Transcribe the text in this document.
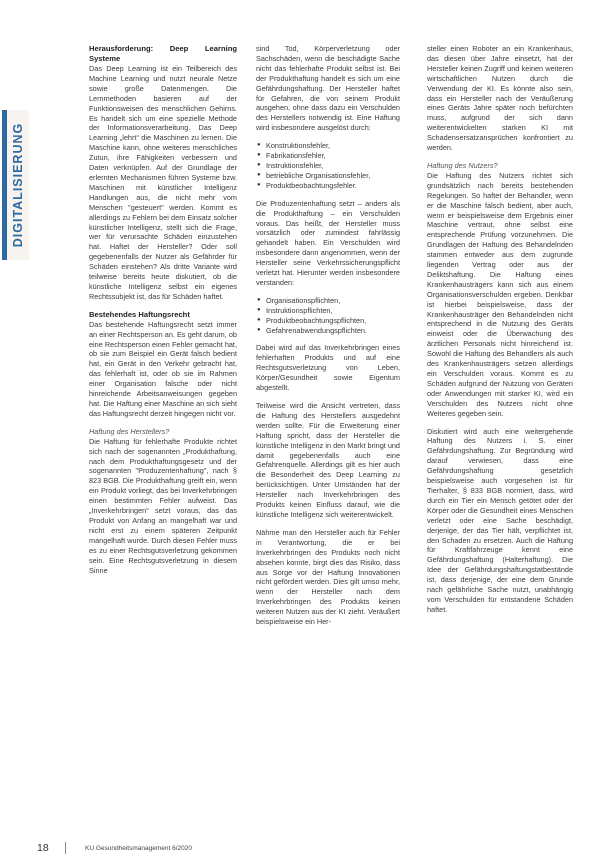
DIGITALISIERUNG
Herausforderung: Deep Learning Systeme

Das Deep Learning ist ein Teilbereich des Machine Learning und nutzt neurale Netze sowie große Datenmengen. Die Lernmethoden basieren auf der Funktionsweisen des menschlichen Gehirns. Es handelt sich um eine spezielle Methode der Informationsverarbeitung. Das Deep Learning „lehrt“ die Maschinen zu lernen. Die Maschine kann, ohne weiteres menschliches Zutun, ihre Fähigkeiten verbessern und Daten verknüpfen. Auf der Grundlage der erlernten Mechanismen führen Systeme bzw. Maschinen mit künstlicher Intelligenz Handlungen aus, die nicht mehr vom Menschen "gesteuert" werden. Kommt es allerdings zu Fehlern bei dem Einsatz solcher künstlicher Intelligenz, stellt sich die Frage, wer für verursachte Schäden einzustehen hat. Haftet der Hersteller? Oder soll gegebenenfalls der Nutzer als Gefährder für Schäden einstehen? Als dritte Variante wird teilweise bereits heute diskutiert, ob die künstliche Intelligenz selbst ein eigenes Rechtssubjekt ist, das für Schäden haftet.

Bestehendes Haftungsrecht

Das bestehende Haftungsrecht setzt immer an einer Rechtsperson an. Es geht darum, ob eine Rechtsperson einen Fehler gemacht hat, ob sie zum Beispiel ein Gerät falsch bedient hat, ein Gerät in den Verkehr gebracht hat, das fehlerhaft ist, oder ob sie im Rahmen einer Organisation falsche oder nicht hinreichende Arbeitsanweisungen gegeben hat. Die Haftung einer Maschine an sich sieht das Haftungsrecht derzeit hingegen nicht vor.

Haftung des Herstellers?

Die Haftung für fehlerhafte Produkte richtet sich nach der sogenannten „Produkthaftung, nach dem Produkthaftungsgesetz und der sogenannten "Produzentenhaftung", nach § 823 BGB. Die Produkthaftung greift ein, wenn ein Produkt vorliegt, das bei Inverkehrbringen einen bestimmten Fehler aufweist. Das „Inverkehrbringen“ setzt voraus, das das Produkt von Anfang an mangelhaft war und nicht erst zu einem späteren Zeitpunkt mangelhaft wurde. Durch diesen Fehler muss es zu einer Rechtsgutsverletzung gekommen sein. Eine Rechtsgutsverletzung in diesem Sinne

sind Tod, Körperverletzung oder Sachschäden, wenn die beschädigte Sache nicht das fehlerhafte Produkt selbst ist. Bei der Produkthaftung handelt es sich um eine Gefährdungshaftung. Der Hersteller haftet für Gefahren, die von seinem Produkt ausgehen, ohne dass dazu ein Verschulden des Herstellers notwendig ist. Eine Haftung wird insbesondere ausgelöst durch:

● Konstruktionsfehler,
● Fabrikationsfehler,
● Instruktionsfehler,
● betriebliche Organisationsfehler,
● Produktbeobachtungsfehler.

Die Produzentenhaftung setzt – anders als die Produkthaftung – ein Verschulden voraus. Das heißt, der Hersteller muss vorsätzlich oder zumindest fahrlässig gehandelt haben. Ein Verschulden wird insbesondere dann angenommen, wenn der Hersteller seine Verkehrssicherungspflicht verletzt hat. Hierunter werden insbesondere verstanden:

● Organisationspflichten,
● Instruktionspflichten,
● Produktbeobachtungspflichten,
● Gefahrenabwendungspflichten.

Dabei wird auf das Inverkehrbringen eines fehlerhaften Produkts und auf eine Rechtsgutsverletzung von Leben, Körper/Gesundheit sowie Eigentum abgestellt.

Teilweise wird die Ansicht vertreten, dass die Haftung des Herstellers ausgedehnt werden sollte. Für die Erweiterung einer Haftung spricht, dass der Hersteller die künstliche Intelligenz in den Markt bringt und damit gegebenenfalls auch eine Gefahrenquelle. Allerdings gilt es hier auch die Besonderheit des Deep Learning zu berücksichtigen. Unter Umständen hat der Hersteller nach Inverkehrbringen des Produkts keinen Einfluss darauf, wie die künstliche Intelligenz sich weiterentwickelt.

Nähme man den Hersteller auch für Fehler in Verantwortung, die er bei Inverkehrbringen des Produkts noch nicht absehen konnte, birgt dies das Risiko, dass aus Sorge vor der Haftung Innovationen nicht gefördert werden. Dies gilt umso mehr, wenn der Hersteller nach dem Inverkehrbringen des Produkts keinen weiteren Nutzen aus der KI zieht. Veräußert beispielsweise ein Her-

steller einen Roboter an ein Krankenhaus, das diesen über Jahre einsetzt, hat der Hersteller keinen Zugriff und keinen weiteren wirtschaftlichen Nutzen durch die Verwendung der KI. Es könnte also sein, dass ein Hersteller nach der Veräußerung eines Geräts Jahre später noch befürchten muss, aufgrund der sich dann weiterentwickelten starken KI mit Schadensersatzansprüchen konfrontiert zu werden.

Haftung des Nutzers?

Die Haftung des Nutzers richtet sich grundsätzlich nach bereits bestehenden Regelungen. So haftet der Behandler, wenn er die Maschine falsch bedient, aber auch, wenn er beispielsweise dem Ergebnis einer Maschine vertraut, ohne selbst eine entsprechende Prüfung vorzunehmen. Die Grundlagen der Haftung des Behandelnden stammen entweder aus dem zugrunde liegenden Vertrag oder aus der Deliktshaftung. Die Haftung eines Krankenhausträgers kann sich aus einem Organisationsverschulden ergeben. Denkbar ist hierbei beispielsweise, dass der Krankenhausträger den Behandelnden nicht entsprechend in die Nutzung des Geräts einweist oder die Überwachung des ärztlichen Personals nicht hinreichend ist. Sowohl die Haftung des Behandlers als auch des Krankenhausträgers setzen allerdings ein Verschulden voraus. Kommt es zu Schäden aufgrund der Nutzung von Geräten oder Anwendungen mit starker KI, wird ein Verschulden des Nutzers nicht ohne Weiteres gegeben sein.

Diskutiert wird auch eine weitergehende Haftung des Nutzers i. S. einer Gefährdungshaftung. Zur Begründung wird darauf verwiesen, dass eine Gefährdungshaftung gesetzlich beispielsweise auch vorgesehen ist für Tierhalter, § 833 BGB normiert, dass, wird durch ein Tier ein Mensch getötet oder der Körper oder die Gesundheit eines Menschen verletzt oder eine Sache beschädigt, derjenige, der das Tier hält, verpflichtet ist, den Schaden zu ersetzen. Auch die Haftung für Kraftfahrzeuge kennt eine Gefährdungshaftung (Halterhaftung). Die Idee der Gefährdungshaftungstatbestände ist, dass derjenige, der eine dem Grunde nach gefährliche Sache nutzt, unabhängig vom Verschulden für entstandene Schäden haftet.

18	KU Gesundheitsmanagement 6/2020
